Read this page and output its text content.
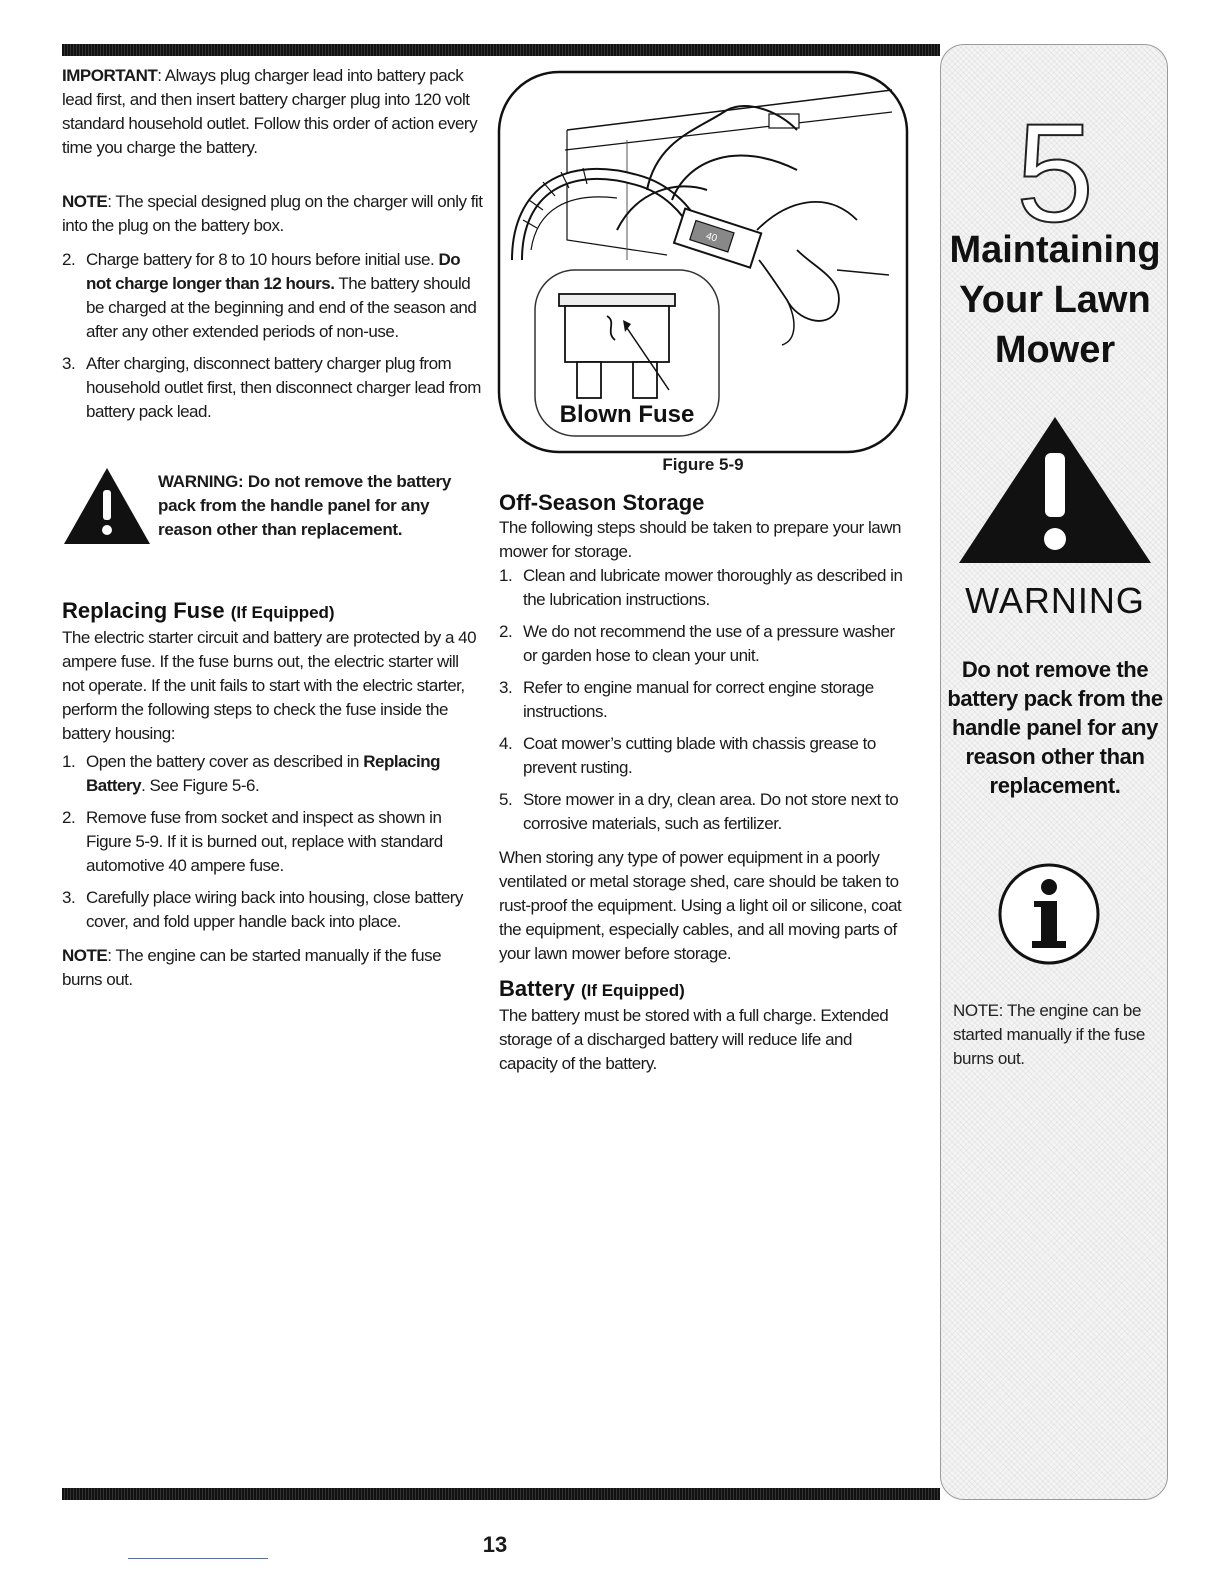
IMPORTANT: Always plug charger lead into battery pack lead first, and then insert battery charger plug into 120 volt standard household outlet. Follow this order of action every time you charge the battery.

NOTE: The special designed plug on the charger will only fit into the plug on the battery box.

2. Charge battery for 8 to 10 hours before initial use. Do not charge longer than 12 hours. The battery should be charged at the beginning and end of the season and after any other extended periods of non-use.
3. After charging, disconnect battery charger plug from household outlet first, then disconnect charger lead from battery pack lead.
WARNING: Do not remove the battery pack from the handle panel for any reason other than replacement.
Replacing Fuse (If Equipped)

The electric starter circuit and battery are protected by a 40 ampere fuse. If the fuse burns out, the electric starter will not operate. If the unit fails to start with the electric starter, perform the following steps to check the fuse inside the battery housing:

1. Open the battery cover as described in Replacing Battery. See Figure 5-6.
2. Remove fuse from socket and inspect as shown in Figure 5-9. If it is burned out, replace with standard automotive 40 ampere fuse.
3. Carefully place wiring back into housing, close battery cover, and fold upper handle back into place.

NOTE: The engine can be started manually if the fuse burns out.

40
Blown Fuse
Figure 5-9
Off-Season Storage

The following steps should be taken to prepare your lawn mower for storage.

1. Clean and lubricate mower thoroughly as described in the lubrication instructions.
2. We do not recommend the use of a pressure washer or garden hose to clean your unit.
3. Refer to engine manual for correct engine storage instructions.
4. Coat mower’s cutting blade with chassis grease to prevent rusting.
5. Store mower in a dry, clean area. Do not store next to corrosive materials, such as fertilizer.

When storing any type of power equipment in a poorly ventilated or metal storage shed, care should be taken to rust-proof the equipment. Using a light oil or silicone, coat the equipment, especially cables, and all moving parts of your lawn mower before storage.

Battery (If Equipped)

The battery must be stored with a full charge. Extended storage of a discharged battery will reduce life and capacity of the battery.

5
Maintaining
Your Lawn
Mower
WARNING
Do not remove the battery pack from the handle panel for any reason other than replacement.
NOTE: The engine can be started manually if the fuse burns out.
13
